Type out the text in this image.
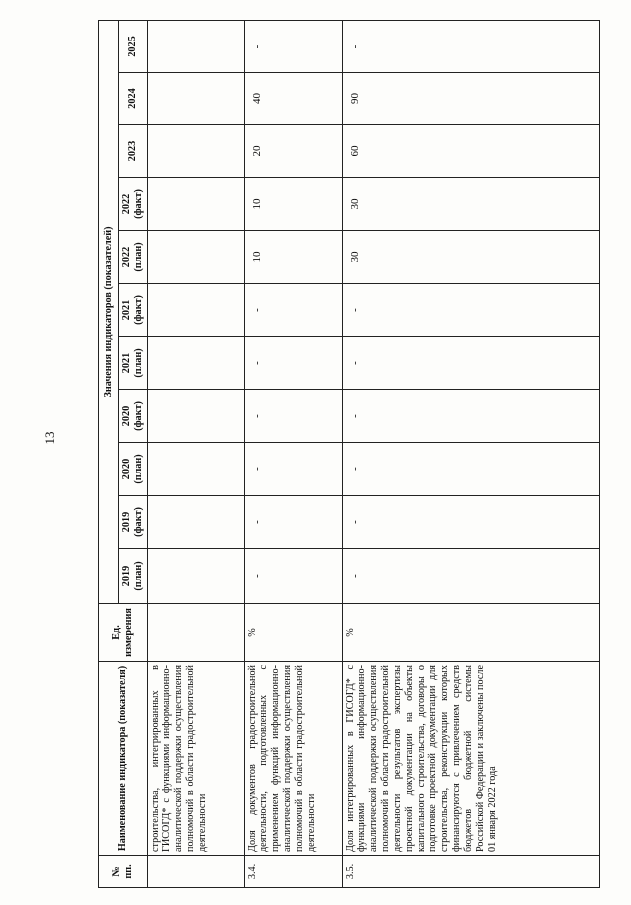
13
№ пп.	Наименование индикатора (показателя)	Ед. измерения	Значения индикаторов (показателей)										
			2019 (план)	2019 (факт)	2020 (план)	2020 (факт)	2021 (план)	2021 (факт)	2022 (план)	2022 (факт)	2023	2024	2025
	строительства, интегрированных в ГИСОГД* с функциями информационно-аналитической поддержки осуществления полномочий в области градостроительной деятельности												
3.4.	Доля документов градостроительной деятельности, подготовленных с применением функций информационно-аналитической поддержки осуществления полномочий в области градостроительной деятельности	%	-	-	-	-	-	-	10	10	20	40	-
3.5.	Доля интегрированных в ГИСОГД* с функциями информационно-аналитической поддержки осуществления полномочий в области градостроительной деятельности результатов экспертизы проектной документации на объекты капитального строительства, договоры о подготовке проектной документации для строительства, реконструкции которых финансируются с привлечением средств бюджетов бюджетной системы Российской Федерации и заключены после 01 января 2022 года	%	-	-	-	-	-	-	30	30	60	90	-
